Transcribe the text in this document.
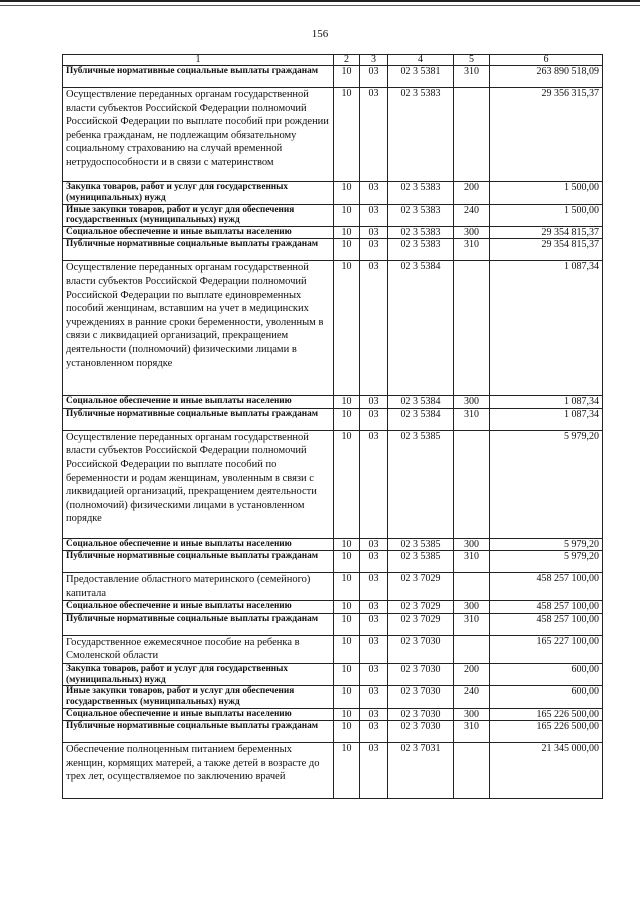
156
1	2	3	4	5	6
Публичные нормативные социальные выплаты гражданам	10	03	02 3 5381	310	263 890 518,09
Осуществление переданных органам государственной власти субъектов Российской Федерации полномочий Российской Федерации по выплате пособий при рождении ребенка гражданам, не подлежащим обязательному социальному страхованию на случай временной нетрудоспособности и в связи с материнством	10	03	02 3 5383		29 356 315,37
Закупка товаров, работ и услуг для государственных (муниципальных) нужд	10	03	02 3 5383	200	1 500,00
Иные закупки товаров, работ и услуг для обеспечения государственных (муниципальных) нужд	10	03	02 3 5383	240	1 500,00
Социальное обеспечение и иные выплаты населению	10	03	02 3 5383	300	29 354 815,37
Публичные нормативные социальные выплаты гражданам	10	03	02 3 5383	310	29 354 815,37
Осуществление переданных органам государственной власти субъектов Российской Федерации полномочий Российской Федерации по выплате единовременных пособий женщинам, вставшим на учет в медицинских учреждениях в ранние сроки беременности, уволенным в связи с ликвидацией организаций, прекращением деятельности (полномочий) физическими лицами в установленном порядке	10	03	02 3 5384		1 087,34
Социальное обеспечение и иные выплаты населению	10	03	02 3 5384	300	1 087,34
Публичные нормативные социальные выплаты гражданам	10	03	02 3 5384	310	1 087,34
Осуществление переданных органам государственной власти субъектов Российской Федерации полномочий Российской Федерации по выплате пособий по беременности и родам женщинам, уволенным в связи с ликвидацией организаций, прекращением деятельности (полномочий) физическими лицами в установленном порядке	10	03	02 3 5385		5 979,20
Социальное обеспечение и иные выплаты населению	10	03	02 3 5385	300	5 979,20
Публичные нормативные социальные выплаты гражданам	10	03	02 3 5385	310	5 979,20
Предоставление областного материнского (семейного) капитала	10	03	02 3 7029		458 257 100,00
Социальное обеспечение и иные выплаты населению	10	03	02 3 7029	300	458 257 100,00
Публичные нормативные социальные выплаты гражданам	10	03	02 3 7029	310	458 257 100,00
Государственное ежемесячное пособие на ребенка в Смоленской области	10	03	02 3 7030		165 227 100,00
Закупка товаров, работ и услуг для государственных (муниципальных) нужд	10	03	02 3 7030	200	600,00
Иные закупки товаров, работ и услуг для обеспечения государственных (муниципальных) нужд	10	03	02 3 7030	240	600,00
Социальное обеспечение и иные выплаты населению	10	03	02 3 7030	300	165 226 500,00
Публичные нормативные социальные выплаты гражданам	10	03	02 3 7030	310	165 226 500,00
Обеспечение полноценным питанием беременных женщин, кормящих матерей, а также детей в возрасте до трех лет, осуществляемое по заключению врачей	10	03	02 3 7031		21 345 000,00
